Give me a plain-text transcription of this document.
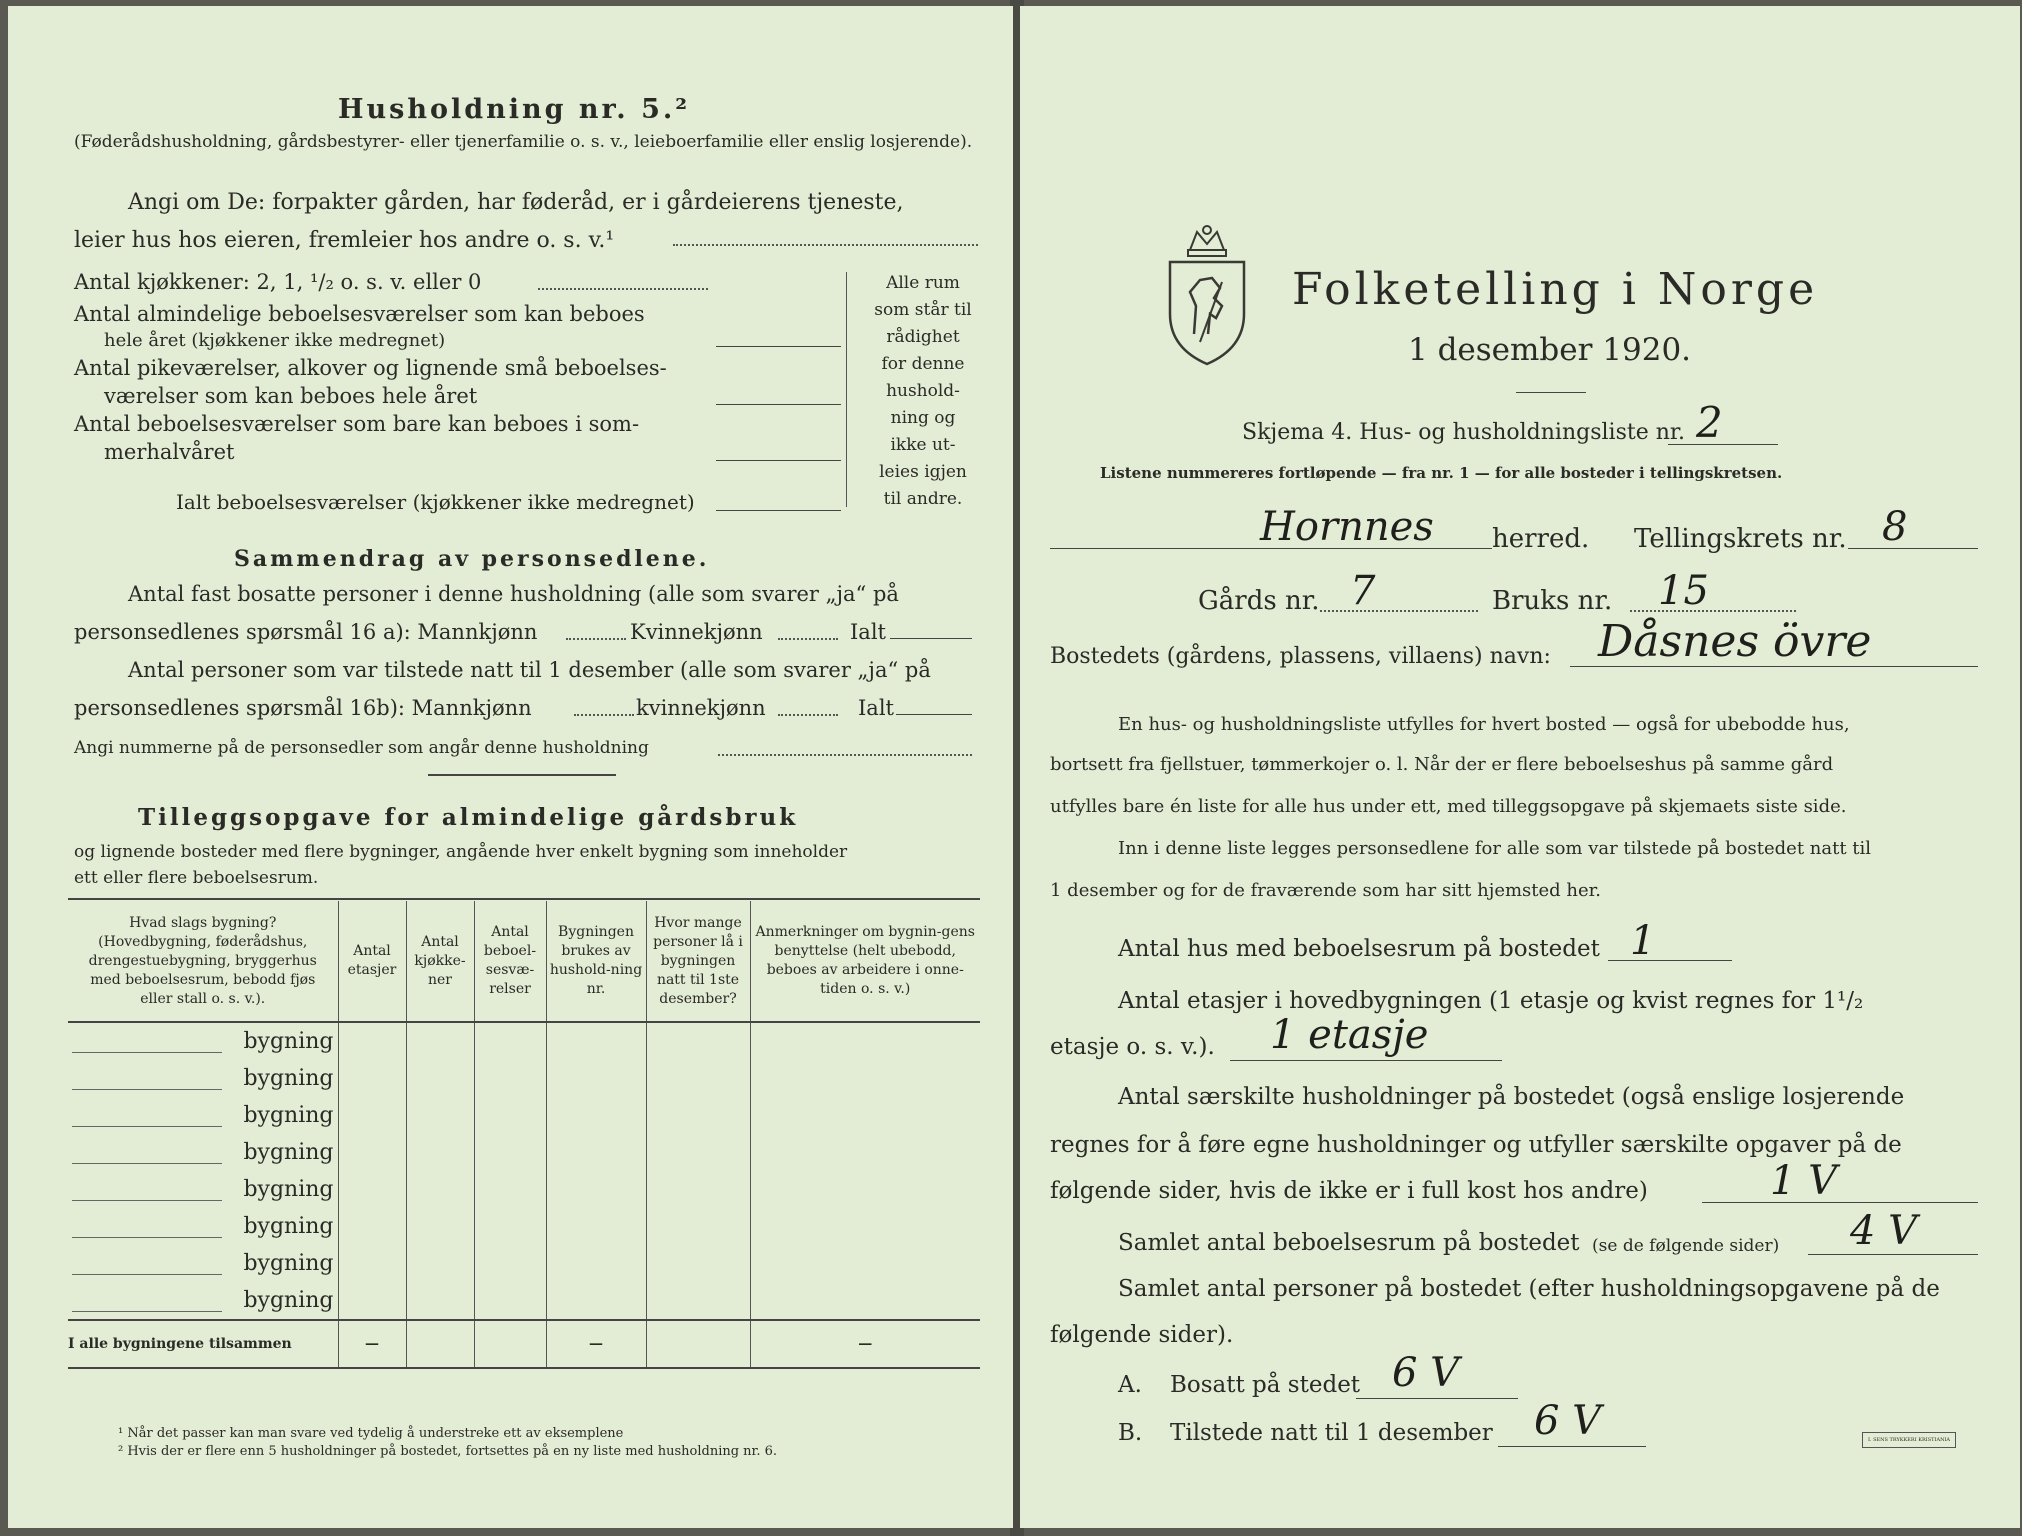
Husholdning nr. 5.²
(Føderådshusholdning, gårdsbestyrer- eller tjenerfamilie o. s. v., leieboerfamilie eller enslig losjerende).
Angi om De: forpakter gården, har føderåd, er i gårdeierens tjeneste,
leier hus hos eieren, fremleier hos andre o. s. v.¹
Antal kjøkkener: 2, 1, ¹/₂ o. s. v. eller 0
Antal almindelige beboelsesværelser som kan beboes
hele året (kjøkkener ikke medregnet)
Antal pikeværelser, alkover og lignende små beboelses-
værelser som kan beboes hele året
Antal beboelsesværelser som bare kan beboes i som-
merhalvåret
Ialt beboelsesværelser (kjøkkener ikke medregnet)
Alle rum
som står til
rådighet
for denne
hushold-
ning og
ikke ut-
leies igjen
til andre.
Sammendrag av personsedlene.
Antal fast bosatte personer i denne husholdning (alle som svarer „ja“ på
personsedlenes spørsmål 16 a): Mannkjønn	Kvinnekjønn	Ialt
Antal personer som var tilstede natt til 1 desember (alle som svarer „ja“ på
personsedlenes spørsmål 16b): Mannkjønn	kvinnekjønn	Ialt
Angi nummerne på de personsedler som angår denne husholdning
Tilleggsopgave for almindelige gårdsbruk
og lignende bosteder med flere bygninger, angående hver enkelt bygning som inneholder
ett eller flere beboelsesrum.
Hvad slags bygning? (Hovedbygning, føderådshus, drengestuebygning, bryggerhus med beboelsesrum, bebodd fjøs eller stall o. s. v.).	Antal etasjer	Antal kjøkke-ner	Antal beboel-sesvæ-relser	Bygningen brukes av hushold-ning nr.	Hvor mange personer lå i bygningen natt til 1ste desember?	Anmerkninger om bygnin-gens benyttelse (helt ubebodd, beboes av arbeidere i onne-tiden o. s. v.)
bygning						
bygning						
bygning						
bygning						
bygning						
bygning						
bygning						
bygning						
I alle bygningene tilsammen	—			—		—
¹ Når det passer kan man svare ved tydelig å understreke ett av eksemplene
² Hvis der er flere enn 5 husholdninger på bostedet, fortsettes på en ny liste med husholdning nr. 6.
Folketelling i Norge
1 desember 1920.
Skjema 4. Hus- og husholdningsliste nr. 2
Listene nummereres fortløpende — fra nr. 1 — for alle bosteder i tellingskretsen.
Hornnes herred. Tellingskrets nr. 8
Gårds nr. 7	Bruks nr. 15
Bostedets (gårdens, plassens, villaens) navn: Dåsnes övre
En hus- og husholdningsliste utfylles for hvert bosted — også for ubebodde hus,
bortsett fra fjellstuer, tømmerkojer o. l. Når der er flere beboelseshus på samme gård
utfylles bare én liste for alle hus under ett, med tilleggsopgave på skjemaets siste side.
Inn i denne liste legges personsedlene for alle som var tilstede på bostedet natt til
1 desember og for de fraværende som har sitt hjemsted her.
Antal hus med beboelsesrum på bostedet 1
Antal etasjer i hovedbygningen (1 etasje og kvist regnes for 1¹/₂
etasje o. s. v.). 1 etasje
Antal særskilte husholdninger på bostedet (også enslige losjerende
regnes for å føre egne husholdninger og utfyller særskilte opgaver på de
følgende sider, hvis de ikke er i full kost hos andre)	1 V
Samlet antal beboelsesrum på bostedet (se de følgende sider) 4 V
Samlet antal personer på bostedet (efter husholdningsopgavene på de
følgende sider).
A. Bosatt på stedet 6 V
B. Tilstede natt til 1 desember 6 V	I. SENS TRYKKERI KRISTIANIA
